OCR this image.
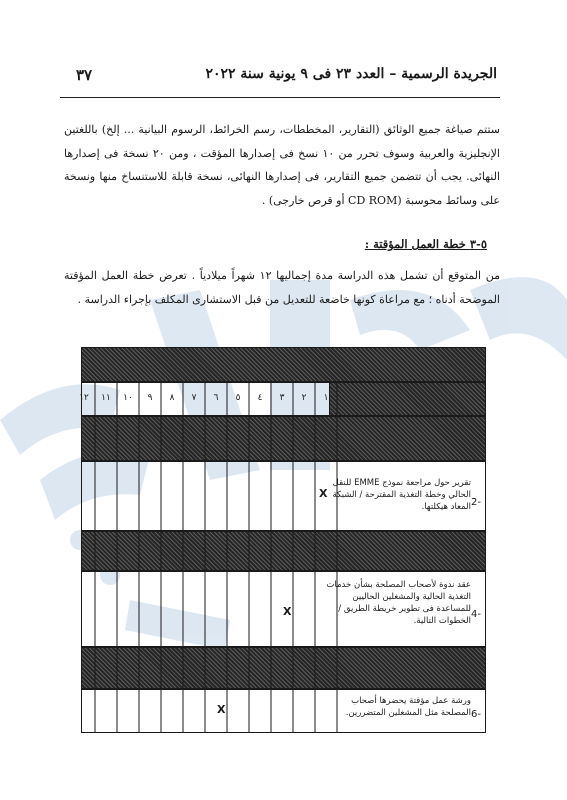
الجريدة الرسمية – العدد ٢٣ فى ٩ يونية سنة ٢٠٢٢
٣٧
ستتم صياغة جميع الوثائق (التقارير، المخططات، رسم الخرائط، الرسوم البيانية ... إلخ) باللغتين الإنجليزية والعربية وسوف تحرر من ١٠ نسخ فى إصدارها المؤقت ، ومن ٢٠ نسخة فى إصدارها النهائى. يجب أن تتضمن جميع التقارير، فى إصدارها النهائى، نسخة قابلة للاستنساخ منها ونسخة على وسائط محوسبة (CD ROM أو قرص خارجى) .
٥-٣ خطة العمل المؤقتة :
من المتوقع أن تشمل هذه الدراسة مدة إجماليها ١٢ شهراً ميلادياً . تعرض خطة العمل المؤقتة الموضحة أدناه ؛ مع مراعاة كونها خاضعة للتعديل من قبل الاستشارى المكلف بإجراء الدراسة .
١
٢
٣
٤
٥
٦
٧
٨
٩
١٠
١١
١٢
تقرير حول مراجعة نموذج EMME للنقل الحالي وخطة التغذية المقترحة / الشبكة المعاد هيكلتها. 2-
X
عقد ندوة لأصحاب المصلحة بشأن خدمات التغذية الحالية والمشغلين الحاليين للمساعدة فى تطوير خريطة الطريق / الخطوات التالية.
4-
X
ورشة عمل مؤقتة يحضرها أصحاب المصلحة مثل المشغلين المتضررين. 6-
X
